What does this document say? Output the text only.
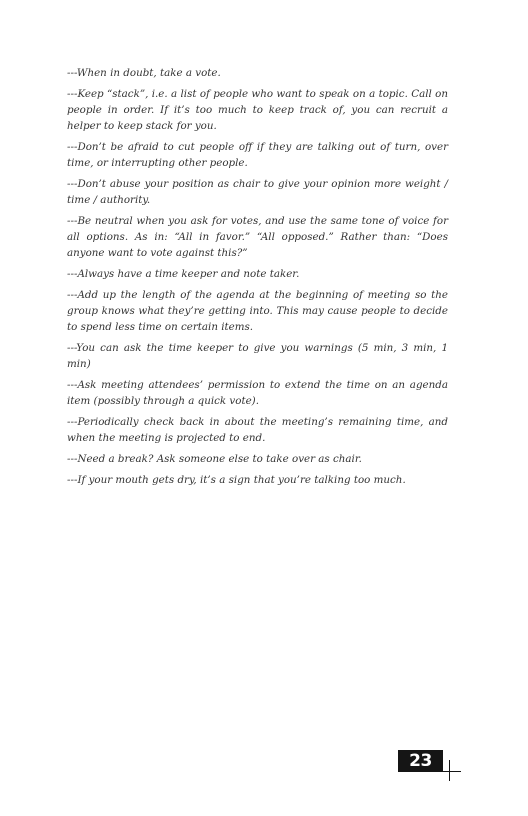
---When in doubt, take a vote.

---Keep “stack”, i.e. a list of people who want to speak on a topic. Call on people in order. If it’s too much to keep track of, you can recruit a helper to keep stack for you.

---Don’t be afraid to cut people off if they are talking out of turn, over time, or interrupting other people.

---Don’t abuse your position as chair to give your opinion more weight / time / authority.

---Be neutral when you ask for votes, and use the same tone of voice for all options. As in: “All in favor.” “All opposed.” Rather than: “Does anyone want to vote against this?”

---Always have a time keeper and note taker.

---Add up the length of the agenda at the beginning of meeting so the group knows what they’re getting into. This may cause people to decide to spend less time on certain items.

---You can ask the time keeper to give you warnings (5 min, 3 min, 1 min)

---Ask meeting attendees’ permission to extend the time on an agenda item (possibly through a quick vote).

---Periodically check back in about the meeting’s remaining time, and when the meeting is projected to end.

---Need a break? Ask someone else to take over as chair.

---If your mouth gets dry, it’s a sign that you’re talking too much.

23
